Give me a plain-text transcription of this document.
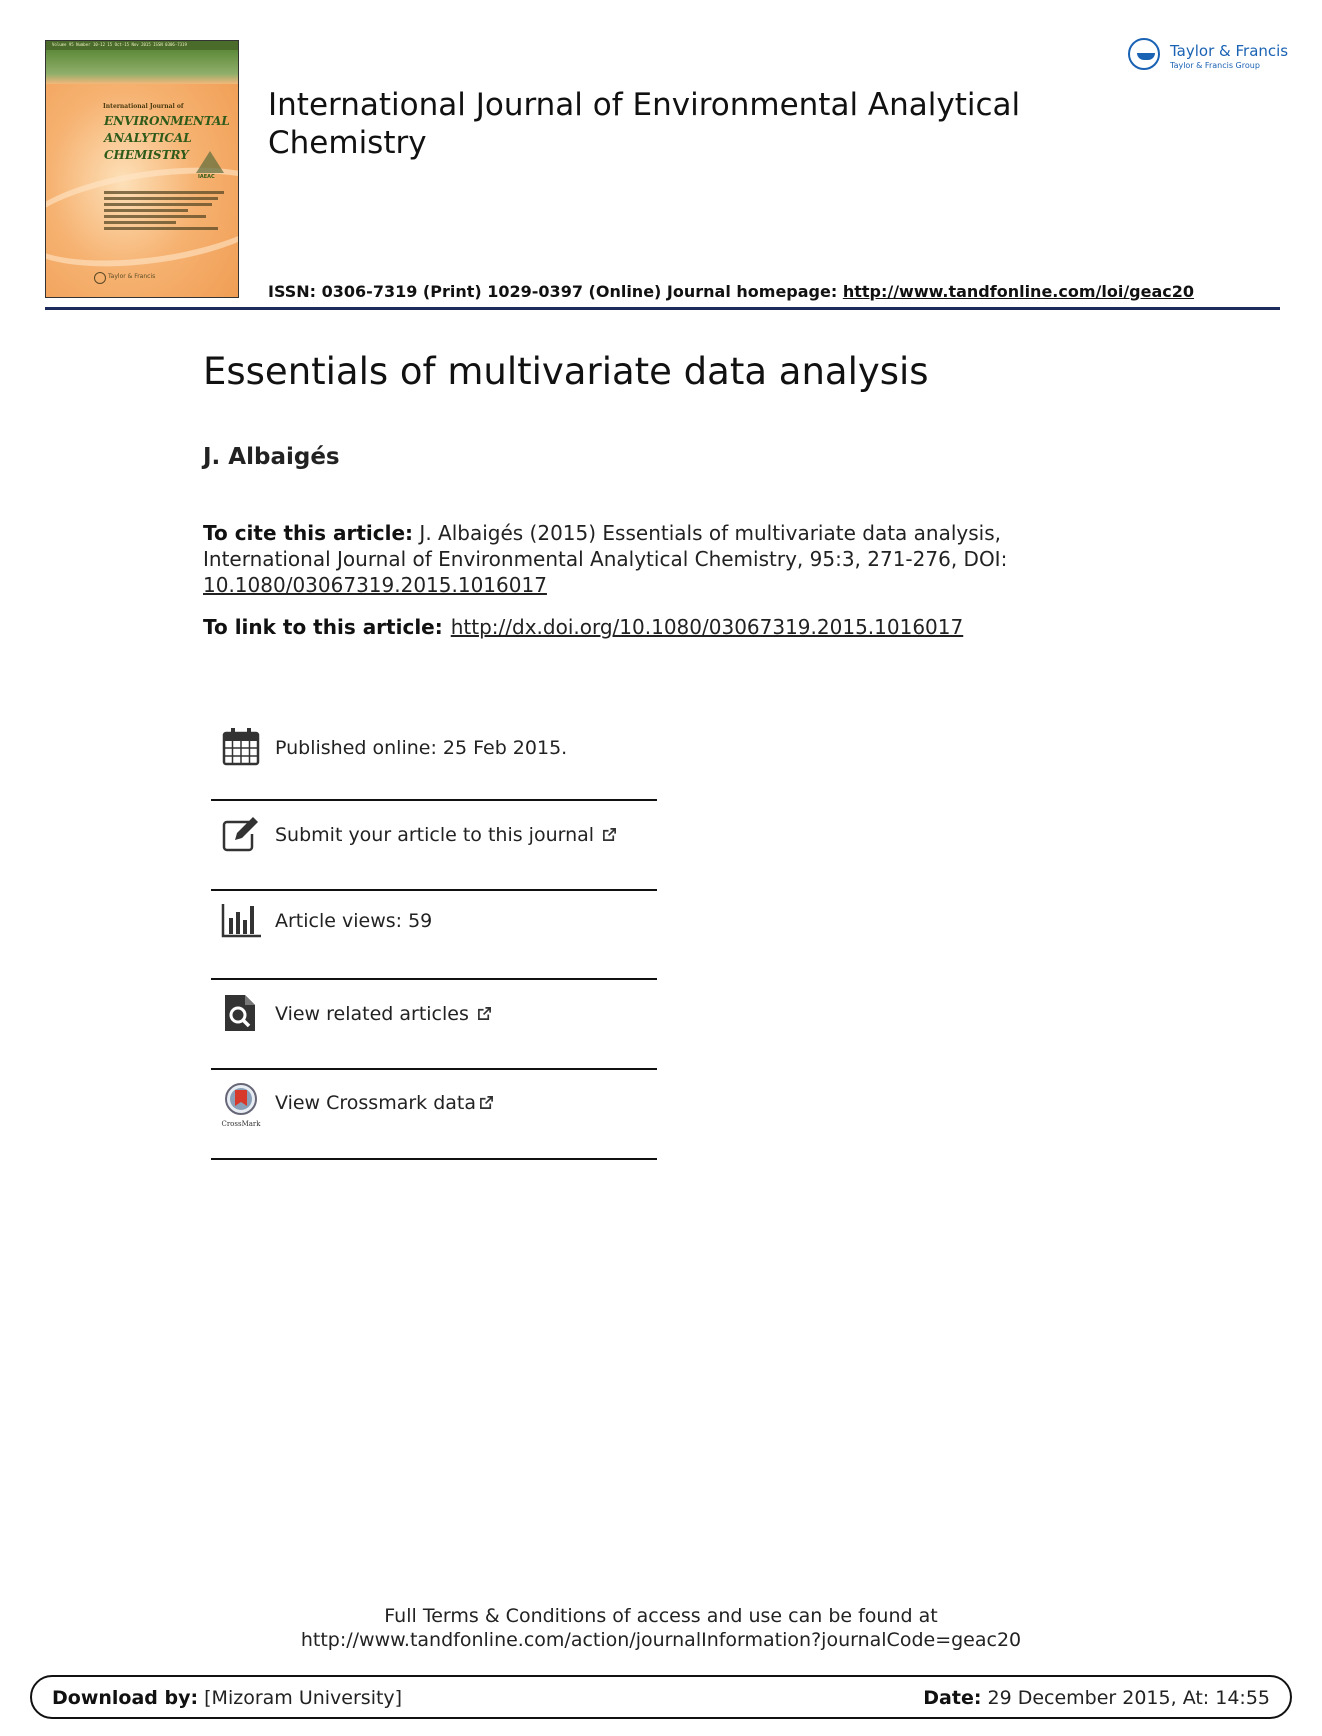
Volume 95 Number 10-12 15 Oct-15 Nov 2015 ISSN 0306-7319
International Journal of
ENVIRONMENTAL
ANALYTICAL
CHEMISTRY
IAEAC
Taylor & Francis
International Journal of Environmental Analytical Chemistry
ISSN: 0306-7319 (Print) 1029-0397 (Online) Journal homepage: http://www.tandfonline.com/loi/geac20
Taylor & Francis
Taylor & Francis Group
Essentials of multivariate data analysis
J. Albaigés
To cite this article: J. Albaigés (2015) Essentials of multivariate data analysis, International Journal of Environmental Analytical Chemistry, 95:3, 271-276, DOI: 10.1080/03067319.2015.1016017
To link to this article: http://dx.doi.org/10.1080/03067319.2015.1016017
Published online: 25 Feb 2015.
Submit your article to this journal
Article views: 59
View related articles
CrossMark
View Crossmark data
Full Terms & Conditions of access and use can be found at
http://www.tandfonline.com/action/journalInformation?journalCode=geac20
Download by: [Mizoram University]	Date: 29 December 2015, At: 14:55
